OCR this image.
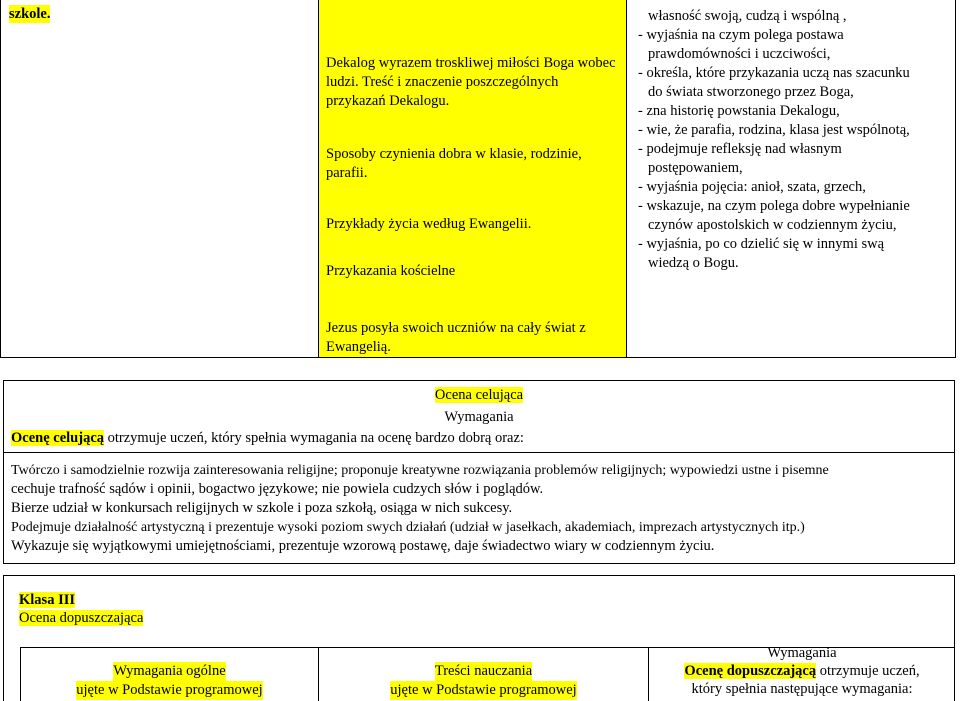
szkole.
Dekalog wyrazem troskliwej miłości Boga wobec ludzi. Treść i znaczenie poszczególnych przykazań Dekalogu.
Sposoby czynienia dobra w klasie, rodzinie, parafii.
Przykłady życia według Ewangelii.
Przykazania kościelne
Jezus posyła swoich uczniów na cały świat z Ewangelią.
własność swoją, cudzą i wspólną ,
- wyjaśnia na czym polega postawa
prawdomówności i uczciwości,
- określa, które przykazania uczą nas szacunku
do świata stworzonego przez Boga,
- zna historię powstania Dekalogu,
- wie, że parafia, rodzina, klasa jest wspólnotą,
- podejmuje refleksję nad własnym
postępowaniem,
- wyjaśnia pojęcia: anioł, szata, grzech,
- wskazuje, na czym polega dobre wypełnianie
czynów apostolskich w codziennym życiu,
- wyjaśnia, po co dzielić się w innymi swą
wiedzą o Bogu.
Ocena celująca
Wymagania
Ocenę celującą otrzymuje uczeń, który spełnia wymagania na ocenę bardzo dobrą oraz:
Twórczo i samodzielnie rozwija zainteresowania religijne; proponuje kreatywne rozwiązania problemów religijnych; wypowiedzi ustne i pisemne
cechuje trafność sądów i opinii, bogactwo językowe; nie powiela cudzych słów i poglądów.
Bierze udział w konkursach religijnych w szkole i poza szkołą, osiąga w nich sukcesy.
Podejmuje działalność artystyczną i prezentuje wysoki poziom swych działań (udział w jasełkach, akademiach, imprezach artystycznych itp.)
Wykazuje się wyjątkowymi umiejętnościami, prezentuje wzorową postawę, daje świadectwo wiary w codziennym życiu.
Klasa III
Ocena dopuszczająca
Wymagania ogólne
ujęte w Podstawie programowej
Treści nauczania
ujęte w Podstawie programowej
Wymagania
Ocenę dopuszczającą otrzymuje uczeń,
który spełnia następujące wymagania:
